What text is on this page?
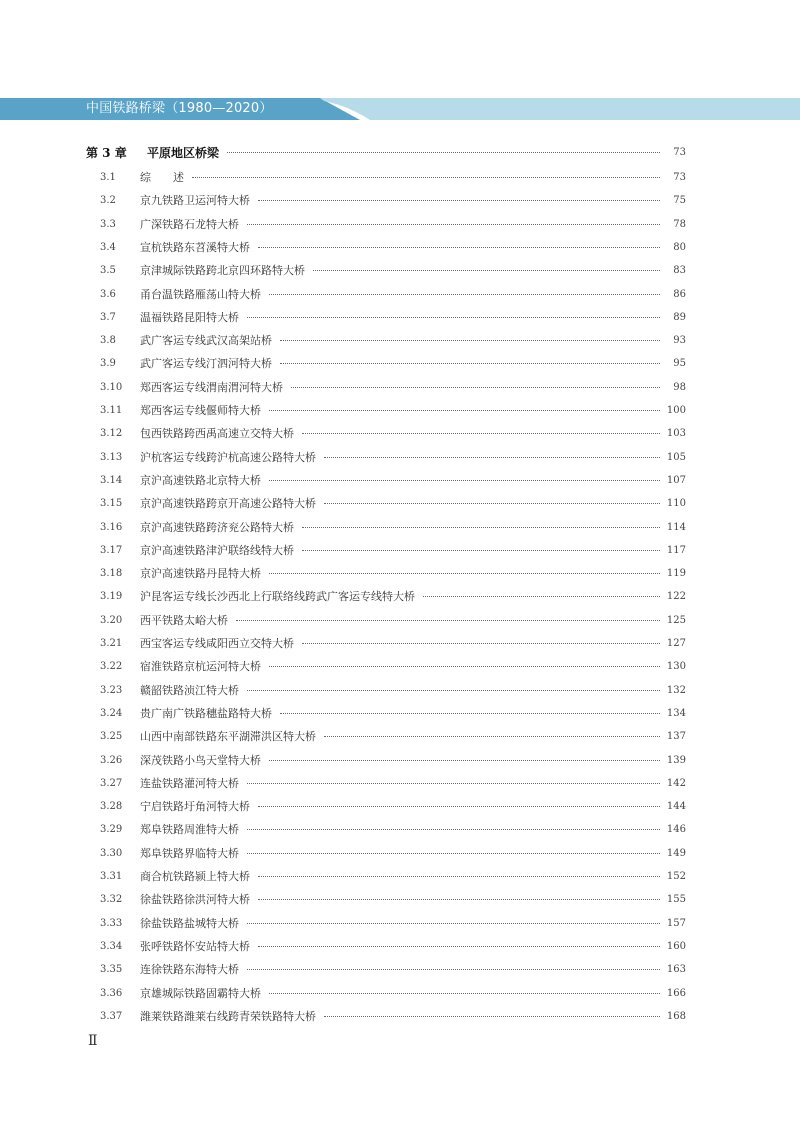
中国铁路桥梁（1980—2020）
第 3 章 平原地区桥梁	73
3.1 综　　述	73
3.2 京九铁路卫运河特大桥	75
3.3 广深铁路石龙特大桥	78
3.4 宣杭铁路东苕溪特大桥	80
3.5 京津城际铁路跨北京四环路特大桥	83
3.6 甬台温铁路雁荡山特大桥	86
3.7 温福铁路昆阳特大桥	89
3.8 武广客运专线武汉高架站桥	93
3.9 武广客运专线汀泗河特大桥	95
3.10 郑西客运专线渭南渭河特大桥	98
3.11 郑西客运专线偃师特大桥	100
3.12 包西铁路跨西禹高速立交特大桥	103
3.13 沪杭客运专线跨沪杭高速公路特大桥	105
3.14 京沪高速铁路北京特大桥	107
3.15 京沪高速铁路跨京开高速公路特大桥	110
3.16 京沪高速铁路跨济兖公路特大桥	114
3.17 京沪高速铁路津沪联络线特大桥	117
3.18 京沪高速铁路丹昆特大桥	119
3.19 沪昆客运专线长沙西北上行联络线跨武广客运专线特大桥	122
3.20 西平铁路太峪大桥	125
3.21 西宝客运专线咸阳西立交特大桥	127
3.22 宿淮铁路京杭运河特大桥	130
3.23 赣韶铁路浈江特大桥	132
3.24 贵广南广铁路穗盐路特大桥	134
3.25 山西中南部铁路东平湖滞洪区特大桥	137
3.26 深茂铁路小鸟天堂特大桥	139
3.27 连盐铁路灌河特大桥	142
3.28 宁启铁路圩角河特大桥	144
3.29 郑阜铁路周淮特大桥	146
3.30 郑阜铁路界临特大桥	149
3.31 商合杭铁路颍上特大桥	152
3.32 徐盐铁路徐洪河特大桥	155
3.33 徐盐铁路盐城特大桥	157
3.34 张呼铁路怀安站特大桥	160
3.35 连徐铁路东海特大桥	163
3.36 京雄城际铁路固霸特大桥	166
3.37 潍莱铁路潍莱右线跨青荣铁路特大桥	168
Ⅱ
